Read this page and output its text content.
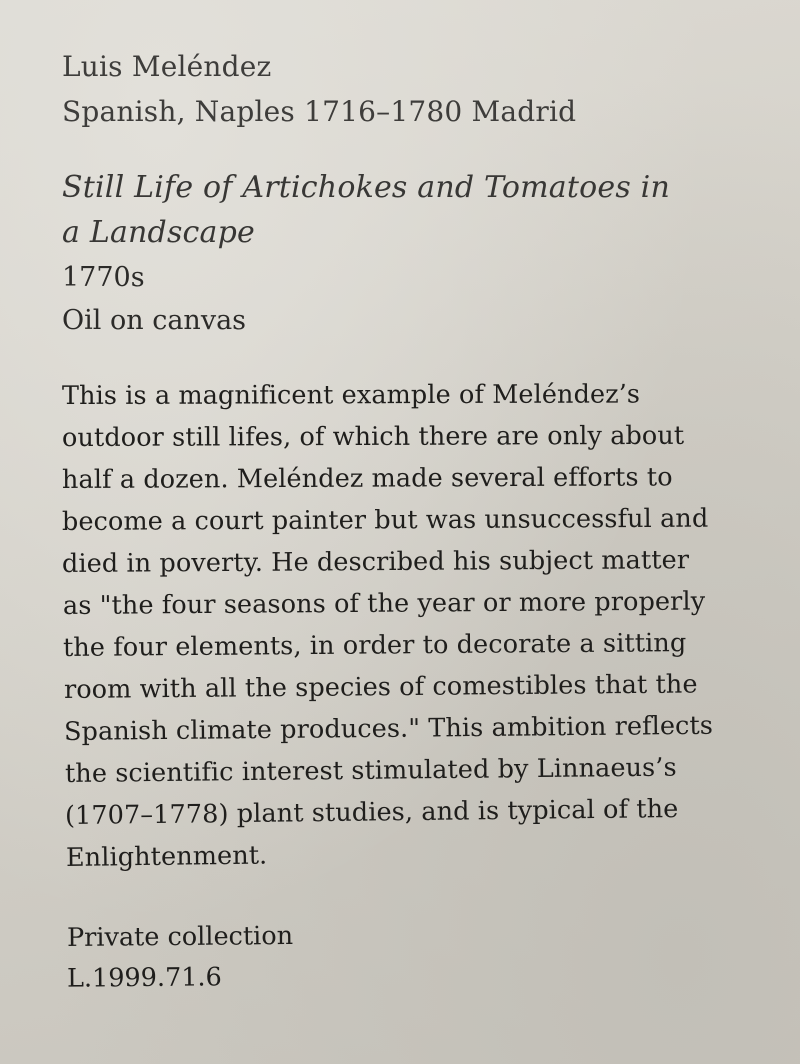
Luis Meléndez

Spanish, Naples 1716–1780 Madrid

Still Life of Artichokes and Tomatoes in

a Landscape

1770s

Oil on canvas

This is a magnificent example of Meléndez’s

outdoor still lifes, of which there are only about

half a dozen. Meléndez made several efforts to

become a court painter but was unsuccessful and

died in poverty. He described his subject matter

as "the four seasons of the year or more properly

the four elements, in order to decorate a sitting

room with all the species of comestibles that the

Spanish climate produces." This ambition reflects

the scientific interest stimulated by Linnaeus’s

(1707–1778) plant studies, and is typical of the

Enlightenment.

Private collection

L.1999.71.6
